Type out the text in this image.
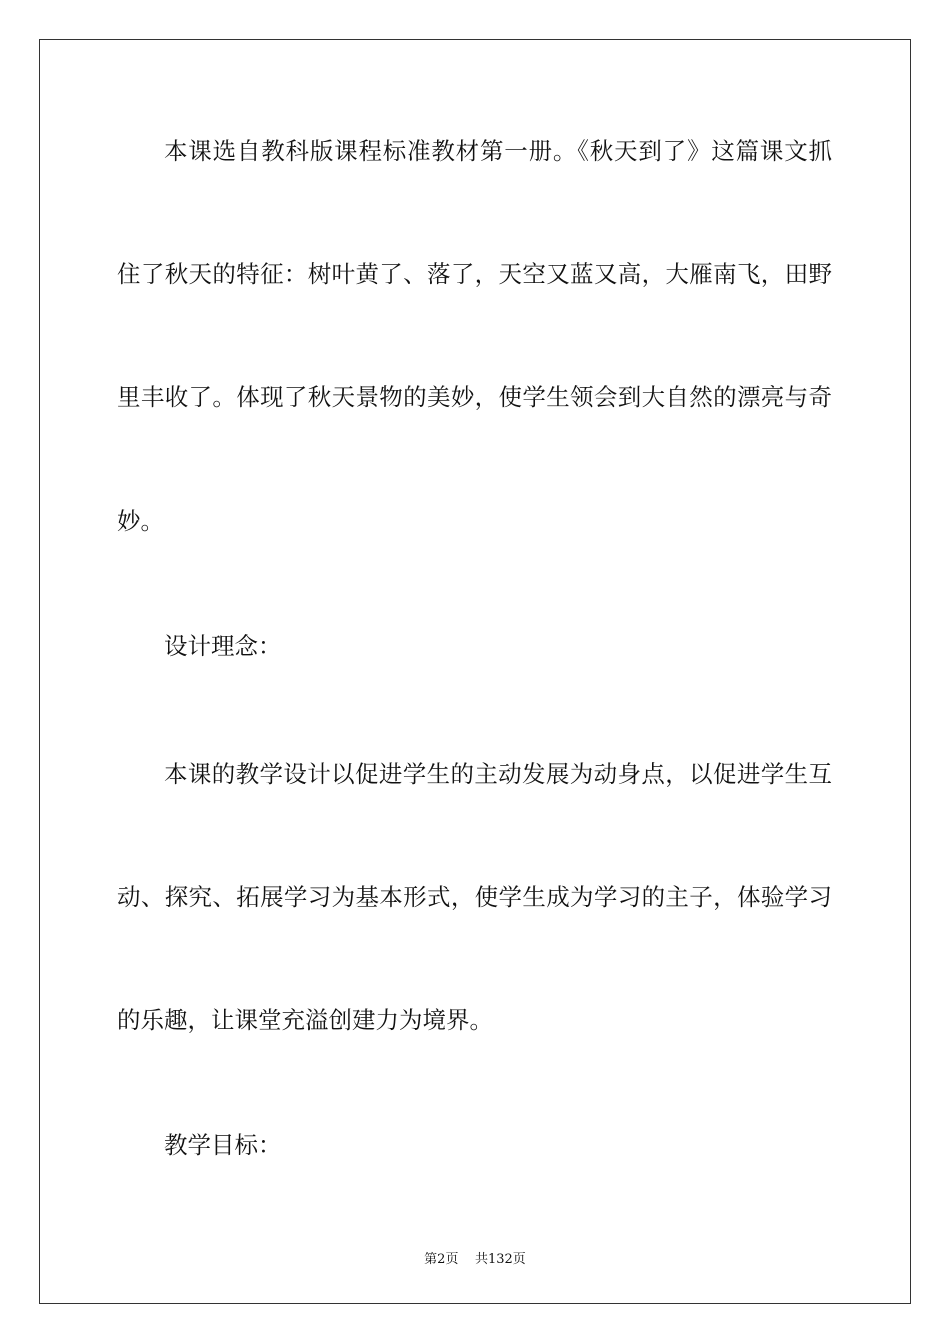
本课选自教科版课程标准教材第一册。《秋天到了》这篇课文抓
住了秋天的特征：树叶黄了、落了，天空又蓝又高，大雁南飞，田野
里丰收了。体现了秋天景物的美妙，使学生领会到大自然的漂亮与奇
妙。
设计理念：
本课的教学设计以促进学生的主动发展为动身点，以促进学生互
动、探究、拓展学习为基本形式，使学生成为学习的主子，体验学习
的乐趣，让课堂充溢创建力为境界。
教学目标：
第2页 共132页
